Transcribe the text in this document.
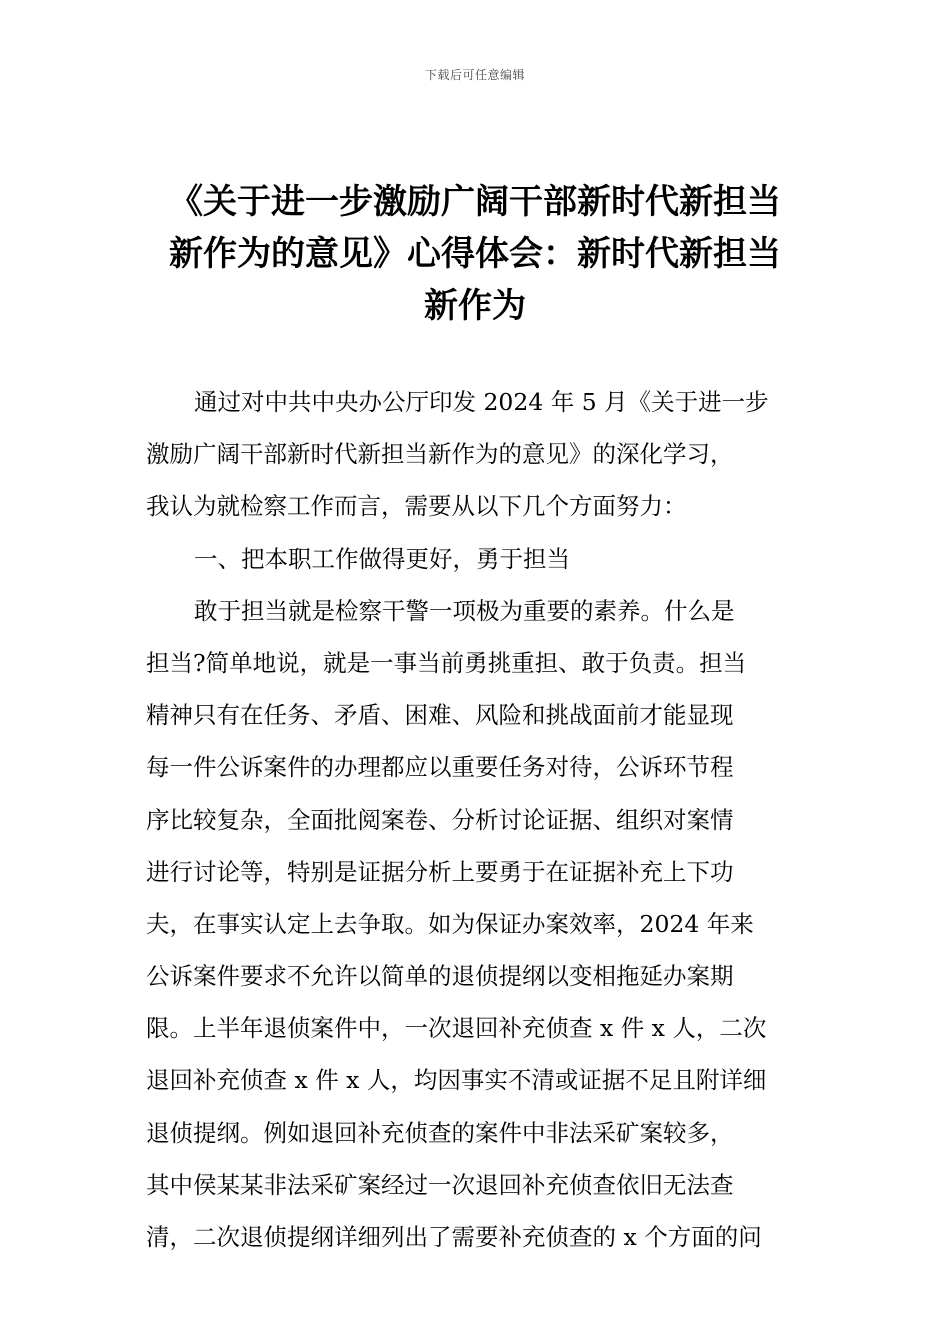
下载后可任意编辑
《关于进一步激励广阔干部新时代新担当
新作为的意见》心得体会：新时代新担当
新作为
通过对中共中央办公厅印发 2024 年 5 月《关于进一步
激励广阔干部新时代新担当新作为的意见》的深化学习，
我认为就检察工作而言，需要从以下几个方面努力：
一、把本职工作做得更好，勇于担当
敢于担当就是检察干警一项极为重要的素养。什么是
担当?简单地说，就是一事当前勇挑重担、敢于负责。担当
精神只有在任务、矛盾、困难、风险和挑战面前才能显现
每一件公诉案件的办理都应以重要任务对待，公诉环节程
序比较复杂，全面批阅案卷、分析讨论证据、组织对案情
进行讨论等，特别是证据分析上要勇于在证据补充上下功
夫，在事实认定上去争取。如为保证办案效率，2024 年来
公诉案件要求不允许以简单的退侦提纲以变相拖延办案期
限。上半年退侦案件中，一次退回补充侦查 x 件 x 人，二次
退回补充侦查 x 件 x 人，均因事实不清或证据不足且附详细
退侦提纲。例如退回补充侦查的案件中非法采矿案较多，
其中侯某某非法采矿案经过一次退回补充侦查依旧无法查
清，二次退侦提纲详细列出了需要补充侦查的 x 个方面的问
